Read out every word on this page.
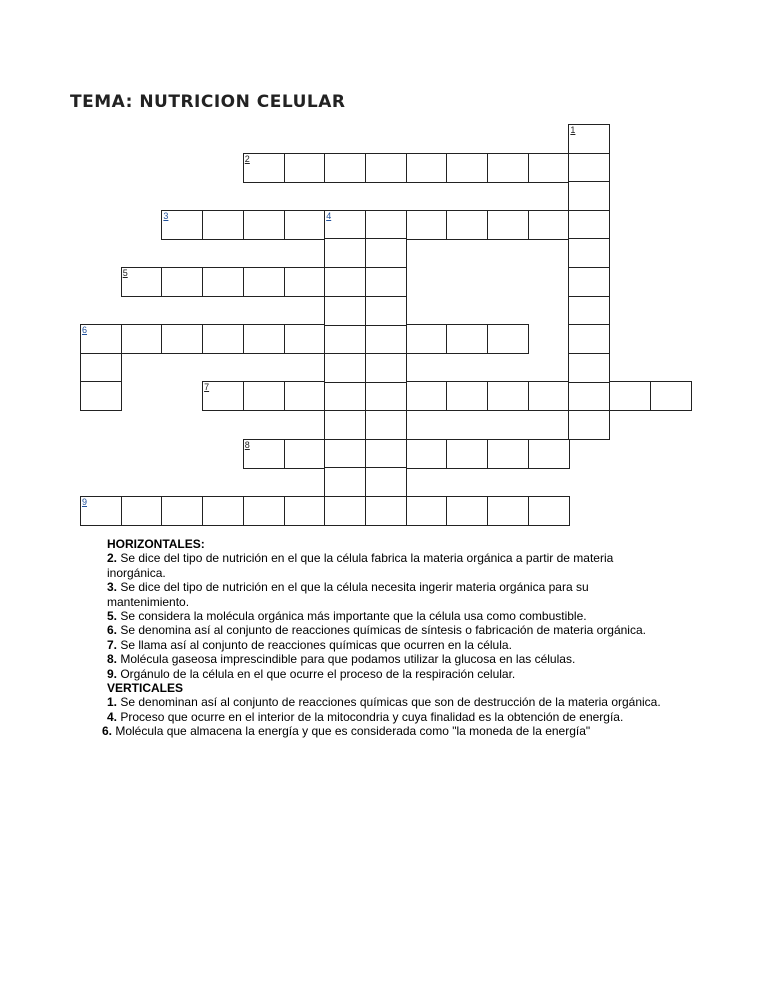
TEMA: NUTRICION CELULAR
2
3	4
5
6
7
8
9
1

HORIZONTALES:

2. Se dice del tipo de nutrición en el que la célula fabrica la materia orgánica a partir de materia inorgánica.

3. Se dice del tipo de nutrición en el que la célula necesita ingerir materia orgánica para su mantenimiento.

5. Se considera la molécula orgánica más importante que la célula usa como combustible.

6. Se denomina así al conjunto de reacciones químicas de síntesis o fabricación de materia orgánica.

7. Se llama así al conjunto de reacciones químicas que ocurren en la célula.

8. Molécula gaseosa imprescindible para que podamos utilizar la glucosa en las células.

9. Orgánulo de la célula en el que ocurre el proceso de la respiración celular.

VERTICALES

1. Se denominan así al conjunto de reacciones químicas que son de destrucción de la materia orgánica.

4. Proceso que ocurre en el interior de la mitocondria y cuya finalidad es la obtención de energía.

6. Molécula que almacena la energía y que es considerada como "la moneda de la energía"
